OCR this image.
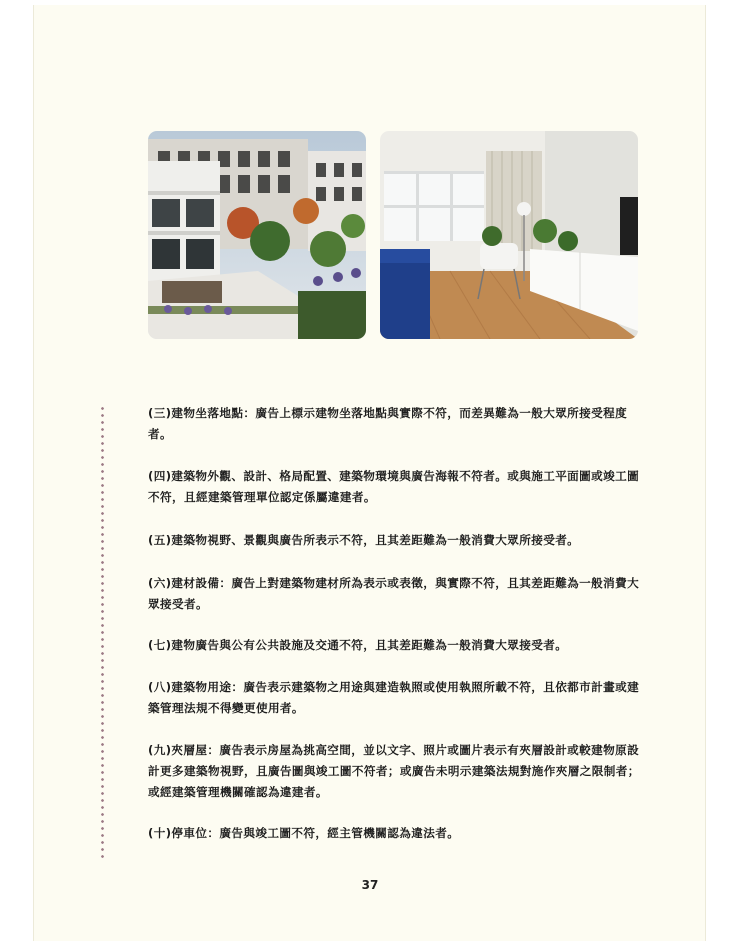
(三)建物坐落地點：廣告上標示建物坐落地點與實際不符，而差異難為一般大眾所接受程度者。

(四)建築物外觀、設計、格局配置、建築物環境與廣告海報不符者。或與施工平面圖或竣工圖不符，且經建築管理單位認定係屬違建者。

(五)建築物視野、景觀與廣告所表示不符，且其差距難為一般消費大眾所接受者。

(六)建材設備：廣告上對建築物建材所為表示或表徵，與實際不符，且其差距難為一般消費大眾接受者。

(七)建物廣告與公有公共設施及交通不符，且其差距難為一般消費大眾接受者。

(八)建築物用途：廣告表示建築物之用途與建造執照或使用執照所載不符，且依都市計畫或建築管理法規不得變更使用者。

(九)夾層屋：廣告表示房屋為挑高空間，並以文字、照片或圖片表示有夾層設計或較建物原設計更多建築物視野，且廣告圖與竣工圖不符者；或廣告未明示建築法規對施作夾層之限制者；或經建築管理機關確認為違建者。

(十)停車位：廣告與竣工圖不符，經主管機關認為違法者。

37
